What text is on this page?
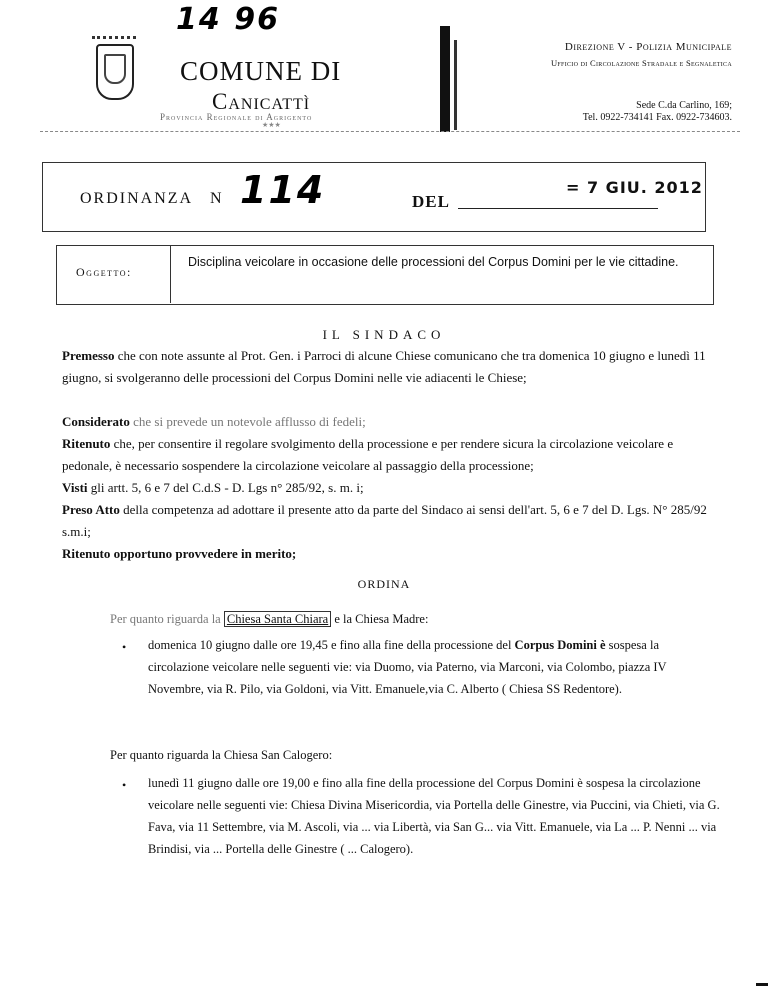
14 96
COMUNE DI
Canicattì
Provincia Regionale di Agrigento
★★★
Direzione V - Polizia Municipale
Ufficio di Circolazione Stradale e Segnaletica
Sede C.da Carlino, 169;
Tel. 0922-734141 Fax. 0922-734603.
ORDINANZA N 114	DEL
= 7 GIU. 2012
Oggetto:
Disciplina veicolare in occasione delle processioni del Corpus Domini per le vie cittadine.
IL SINDACO
Premesso che con note assunte al Prot. Gen. i Parroci di alcune Chiese comunicano che tra domenica 10 giugno e lunedì 11 giugno, si svolgeranno delle processioni del Corpus Domini nelle vie adiacenti le Chiese;
Considerato che si prevede un notevole afflusso di fedeli;
Ritenuto che, per consentire il regolare svolgimento della processione e per rendere sicura la circolazione veicolare e pedonale, è necessario sospendere la circolazione veicolare al passaggio della processione;
Visti gli artt. 5, 6 e 7 del C.d.S - D. Lgs n° 285/92, s. m. i;
Preso Atto della competenza ad adottare il presente atto da parte del Sindaco ai sensi dell'art. 5, 6 e 7 del D. Lgs. N° 285/92 s.m.i;
Ritenuto opportuno provvedere in merito;
ORDINA
Per quanto riguarda la Chiesa Santa Chiara e la Chiesa Madre:
• domenica 10 giugno dalle ore 19,45 e fino alla fine della processione del Corpus Domini è sospesa la circolazione veicolare nelle seguenti vie: via Duomo, via Paterno, via Marconi, via Colombo, piazza IV Novembre, via R. Pilo, via Goldoni, via Vitt. Emanuele,via C. Alberto ( Chiesa SS Redentore).
Per quanto riguarda la Chiesa San Calogero:
• lunedì 11 giugno dalle ore 19,00 e fino alla fine della processione del Corpus Domini è sospesa la circolazione veicolare nelle seguenti vie: Chiesa Divina Misericordia, via Portella delle Ginestre, via Puccini, via Chieti, via G. Fava, via 11 Settembre, via M. Ascoli, via ... via Libertà, via San G... via Vitt. Emanuele, via La ... P. Nenni ... via Brindisi, via ... Portella delle Ginestre ( ... Calogero).
